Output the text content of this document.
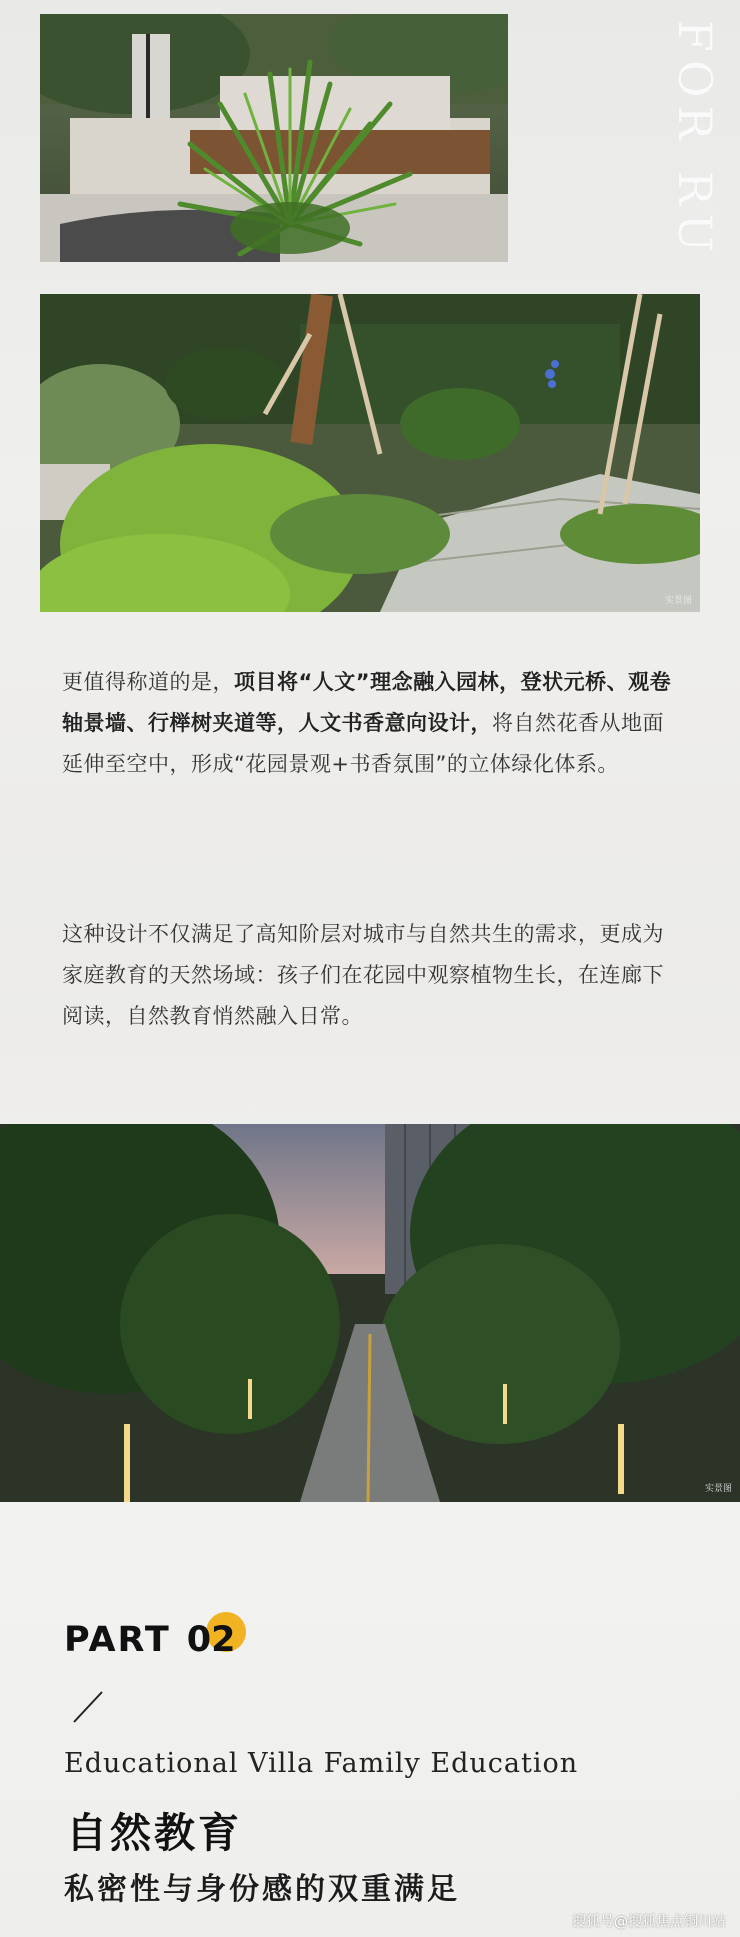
FOR RU
实景图
更值得称道的是，项目将“人文”理念融入园林，登状元桥、观卷轴景墙、行榉树夹道等，人文书香意向设计，将自然花香从地面延伸至空中，形成“花园景观+书香氛围”的立体绿化体系。
这种设计不仅满足了高知阶层对城市与自然共生的需求，更成为家庭教育的天然场域：孩子们在花园中观察植物生长，在连廊下阅读，自然教育悄然融入日常。
实景图
PART 02
Educational Villa Family Education
自然教育
私密性与身份感的双重满足
搜狐号@搜狐焦点铜川站
